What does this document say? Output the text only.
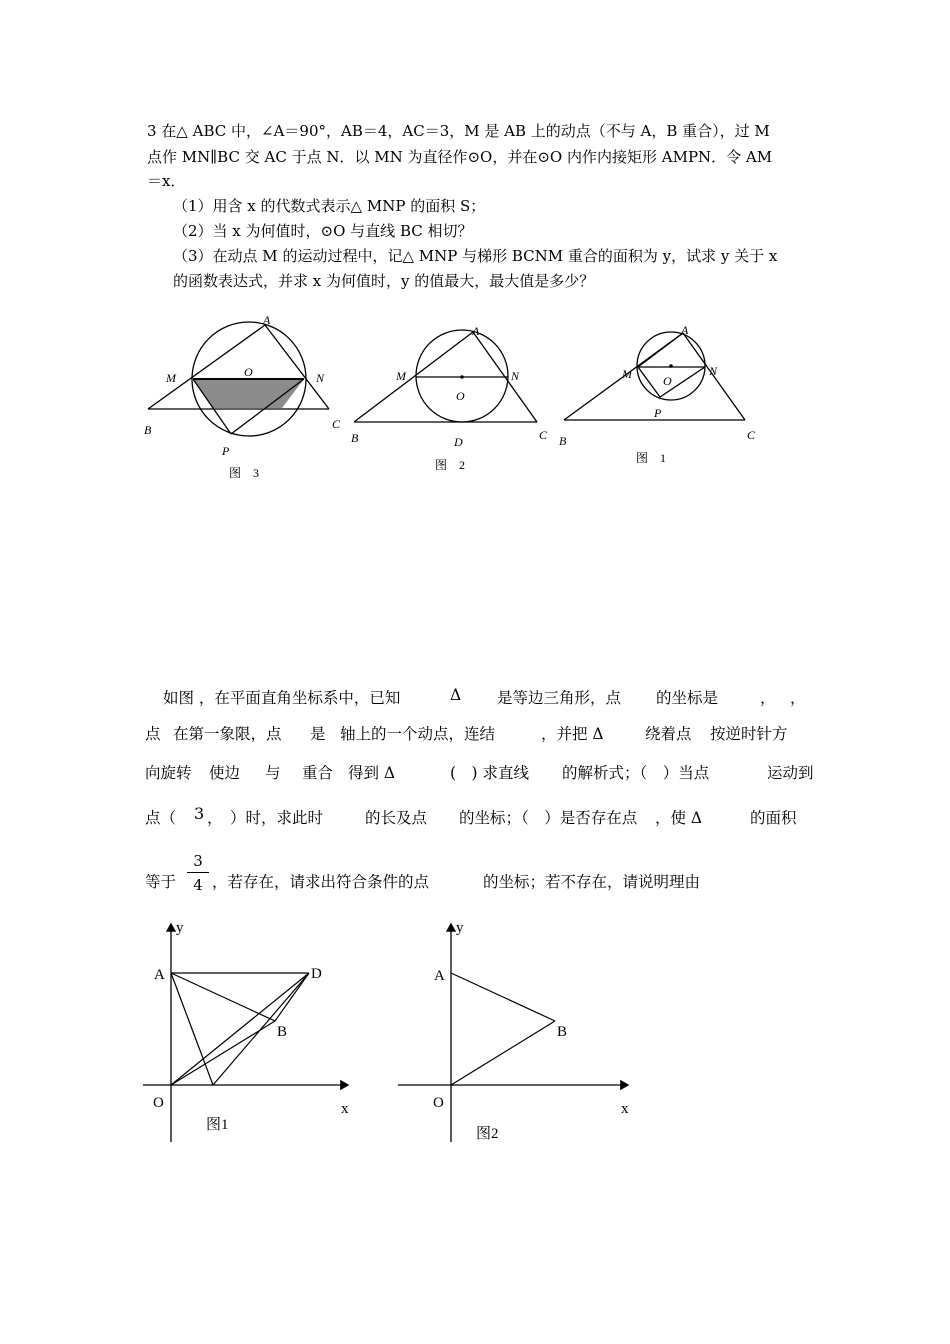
3 在△ ABC 中，∠A＝90°，AB＝4，AC＝3，M 是 AB 上的动点（不与 A，B 重合），过 M
点作 MN∥BC 交 AC 于点 N．以 MN 为直径作⊙O，并在⊙O 内作内接矩形 AMPN．令 AM
＝x．
（1）用含 x 的代数式表示△ MNP 的面积 S；
（2）当 x 为何值时，⊙O 与直线 BC 相切？
（3）在动点 M 的运动过程中，记△ MNP 与梯形 BCNM 重合的面积为 y，试求 y 关于 x
的函数表达式，并求 x 为何值时，y 的值最大，最大值是多少？
A
M	O	N
B	C
P
图　3
A
M
O
N
B	C
D
图　2
A
M	O
N
B	C
P
图　1
如图 ，在平面直角坐标系中，已知	Δ 是等边三角形，点 的坐标是	， ，
点 在第一象限，点 是 轴上的一个动点，连结	，并把 Δ	绕着点 按逆时针方
向旋转 使边 与 重合 得到 Δ	(　) 求直线 的解析式；（　）当点	运动到
点（ 3 ， ）时，求此时	的长及点 的坐标；（　）是否存在点 ，使 Δ	的面积
等于
3
4 ，若存在，请求出符合条件的点	的坐标；若不存在，请说明理由
y
x
A	D
B
O
图1
y
x
A
B
O
图2
